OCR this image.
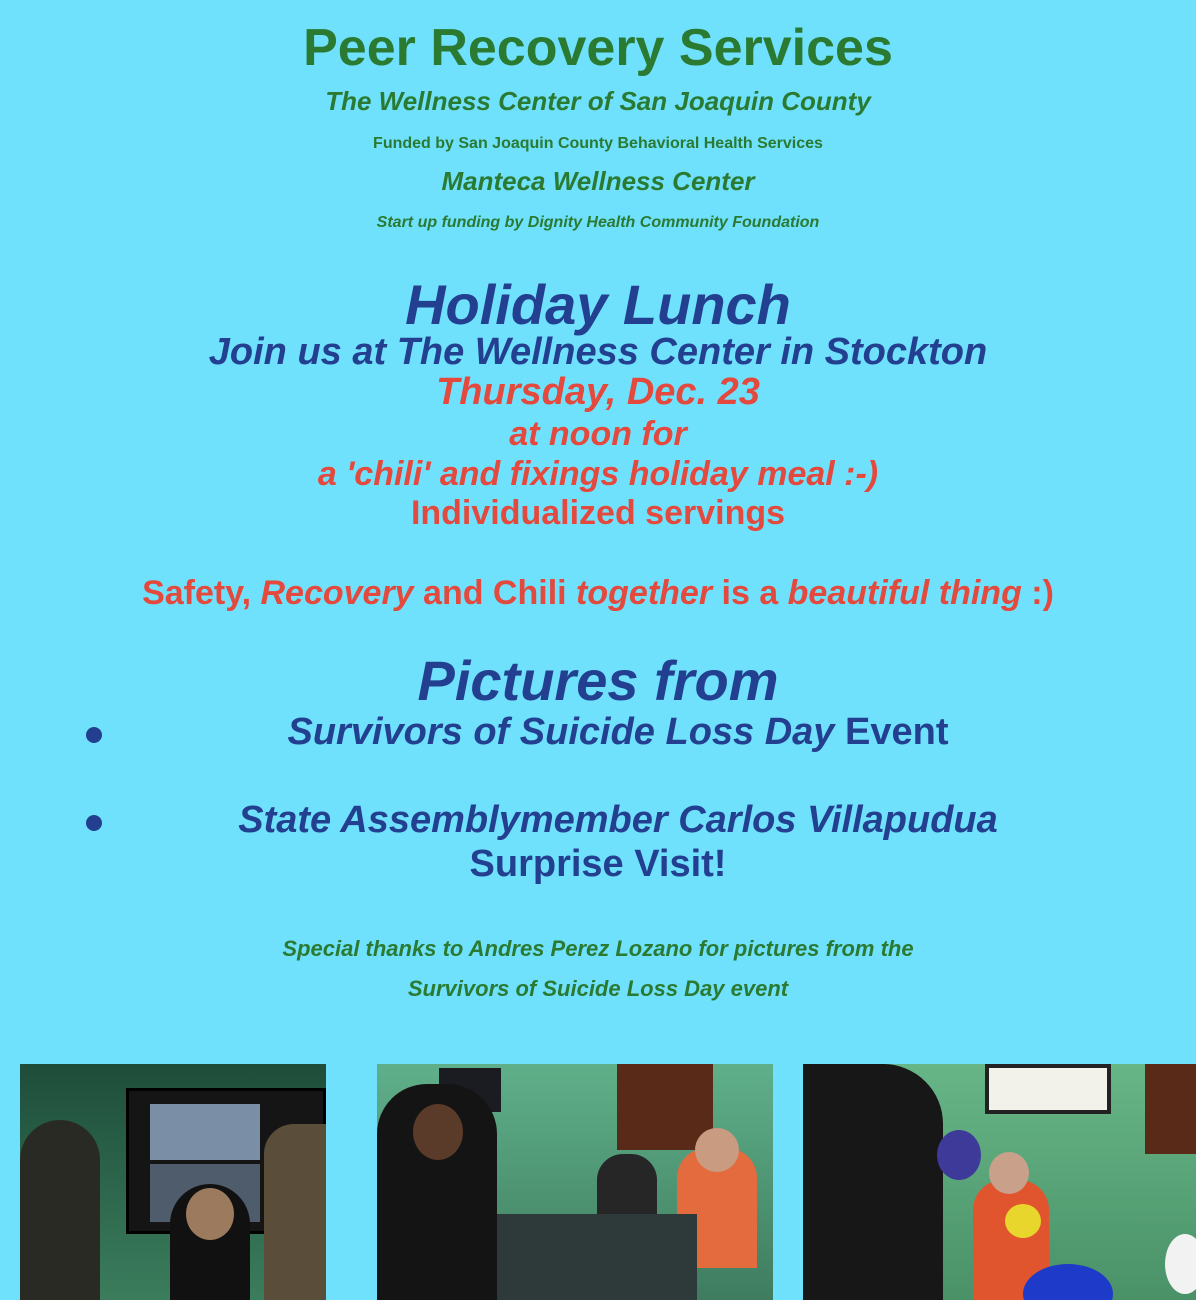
Peer Recovery Services
The Wellness Center of San Joaquin County
Funded by San Joaquin County Behavioral Health Services
Manteca Wellness Center
Start up funding by Dignity Health Community Foundation
Holiday Lunch
Join us at The Wellness Center in Stockton
Thursday, Dec. 23
at noon for
a 'chili' and fixings holiday meal :-)
Individualized servings
Safety, Recovery and Chili together is a beautiful thing :)
Pictures from
Survivors of Suicide Loss Day Event
State Assemblymember Carlos Villapudua
Surprise Visit!
Special thanks to Andres Perez Lozano for pictures from the
Survivors of Suicide Loss Day event
